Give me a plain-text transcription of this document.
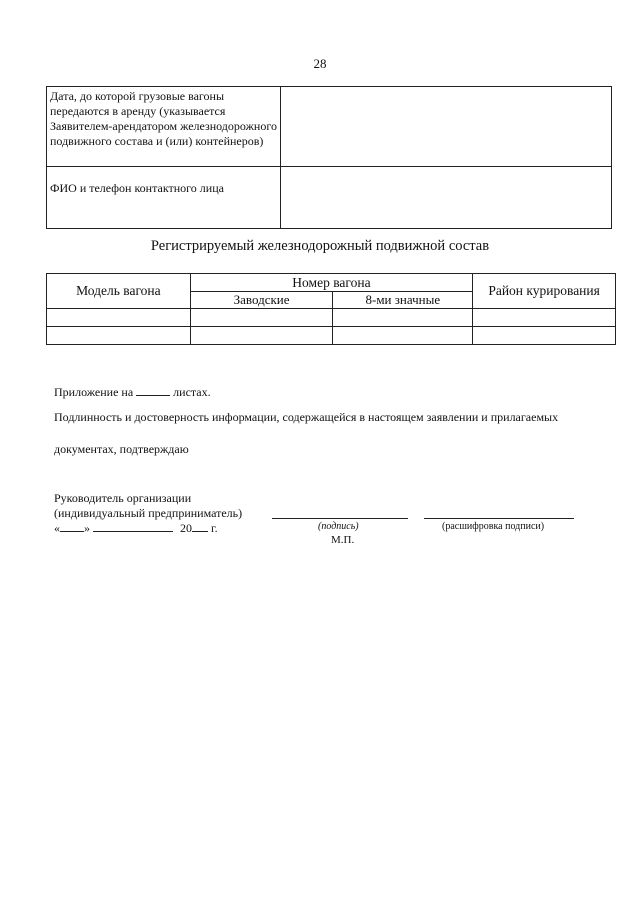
28
Дата, до которой грузовые вагоны передаются в аренду (указывается Заявителем-арендатором железнодорожного подвижного состава и (или) контейнеров)	
ФИО и телефон контактного лица	
Регистрируемый железнодорожный подвижной состав
Модель вагона	Номер вагона		Район курирования
	Заводские	8-ми значные	

Приложение на	листах.
Подлинность и достоверность информации, содержащейся в настоящем заявлении и прилагаемых
документах, подтверждаю
Руководитель организации
(индивидуальный предприниматель)
« »	20 г.	(подпись)
М.П.
(расшифровка подписи)
